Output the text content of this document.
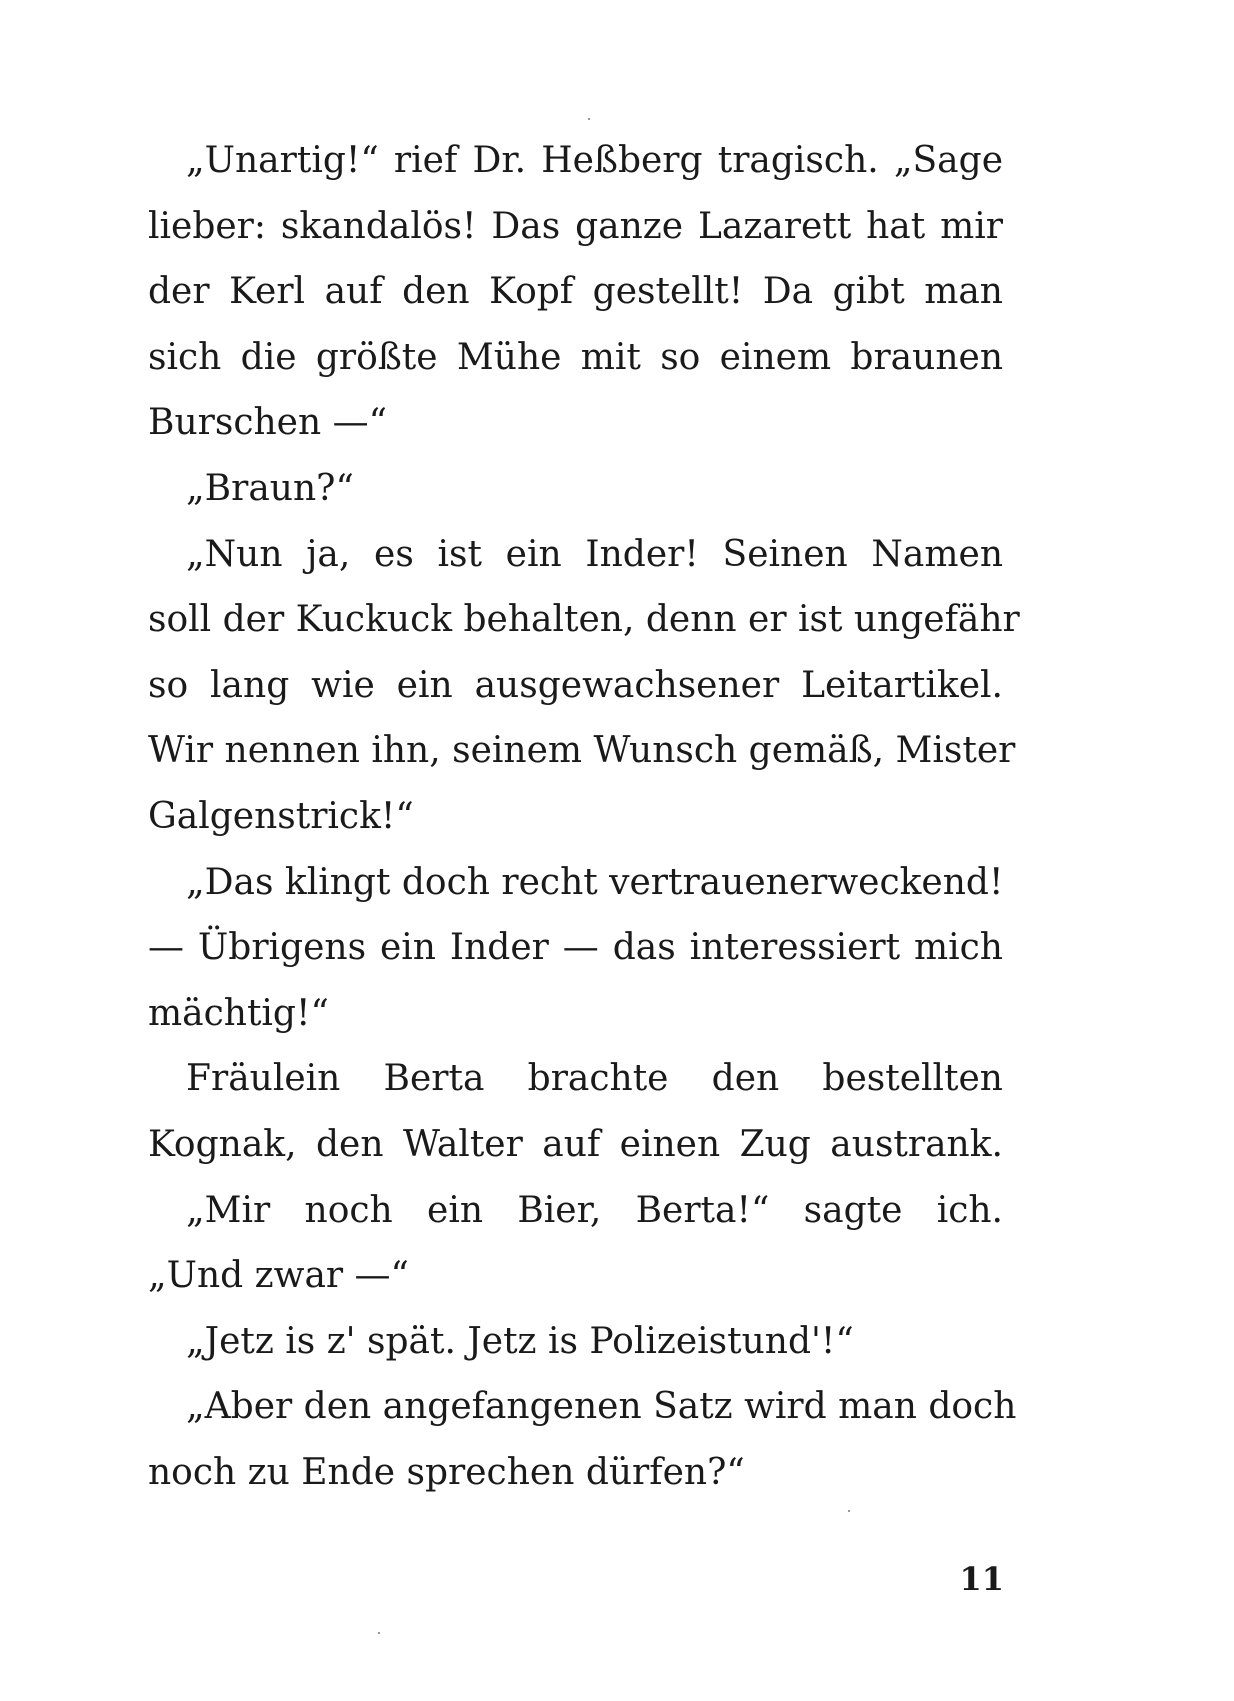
„Unartig!“ rief Dr. Heßberg tragisch. „Sage
lieber: skandalös! Das ganze Lazarett hat mir
der Kerl auf den Kopf gestellt! Da gibt man
sich die größte Mühe mit so einem braunen
Burschen —“
„Braun?“
„Nun ja, es ist ein Inder! Seinen Namen
soll der Kuckuck behalten, denn er ist ungefähr
so lang wie ein ausgewachsener Leitartikel.
Wir nennen ihn, seinem Wunsch gemäß, Mister
Galgenstrick!“
„Das klingt doch recht vertrauenerweckend!
— Übrigens ein Inder — das interessiert mich
mächtig!“
Fräulein Berta brachte den bestellten
Kognak, den Walter auf einen Zug austrank.
„Mir noch ein Bier, Berta!“ sagte ich.
„Und zwar —“
„Jetz is z' spät. Jetz is Polizeistund'!“
„Aber den angefangenen Satz wird man doch
noch zu Ende sprechen dürfen?“
11
